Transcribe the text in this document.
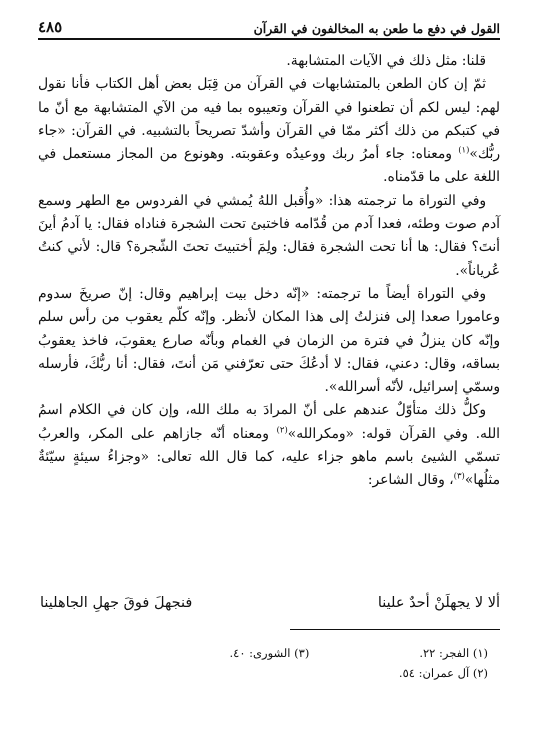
القول في دفع ما طعن به المخالفون في القرآن
٤٨٥

قلنا: مثل ذلك في الآيات المتشابهة.

ثمّ إن كان الطعن بالمتشابهات في القرآن من قِبَل بعض أهل الكتاب فأنا نقول لهم: ليس لكم أن تطعنوا في القرآن وتعيبوه بما فيه من الآي المتشابهة مع أنّ ما في كتبكم من ذلك أكثر ممّا في القرآن وأشدّ تصريحاً بالتشبيه. في القرآن: «جاء ربُّك»$^{(١)}$ ومعناه: جاء أمرُ ربك ووعيدُه وعقوبته. وهونوع من المجاز مستعمل في اللغة على ما قدّمناه.

وفي التوراة ما ترجمته هذا: «وأُقبل اللهُ يُمشي في الفردوس مع الطهر وسمع آدم صوت وطئه، فعدا آدم من قُدّامه فاختبئ تحت الشجرة فناداه فقال: يا آدمُ أينَ أنتَ؟ فقال: ها أنا تحت الشجرة فقال: ولِمَ أختبيتَ تحتَ الشّجرة؟ قال: لأني كنتُ عُرياناً».

وفي التوراة أيضاً ما ترجمته: «إنّه دخل بيت إبراهيم وقال: إنّ صريخَ سدوم وعامورا صعدا إلى فنزلتُ إلى هذا المكان لأنظر. وإنّه كلّم يعقوب من رأس سلم وإنّه كان ينزلُ في فترة من الزمان في الغمام وبأنّه صارع يعقوبَ، فاخذ يعقوبُ بساقه، وقال: دعني، فقال: لا أدعُكَ حتى تعرّفني مَن أنتَ، فقال: أنا ربُّكَ، فأرسله وسمّي إسرائيل، لأنّه أسرالله».

وكلُّ ذلك متأوّلٌ عندهم على أنّ المرادَ به ملك الله، وإن كان في الكلام اسمُ الله. وفي القرآن قوله: «ومكرالله»$^{(٢)}$ ومعناه أنّه جازاهم على المكر، والعربُ تسمّي الشيئ باسم ماهو جزاء عليه، كما قال الله تعالى: «وجزاءُ سيئةٍ سيّئةٌ مثلُها»$^{(٣)}$، وقال الشاعر:

ألا لا يجهلَنْ أحدٌ علينا
فنجهلَ فوقَ جهلِ الجاهلينا
(١) الفجر: ٢٢.
(٣) الشورى: ٤٠.
(٢) آل عمران: ٥٤.
